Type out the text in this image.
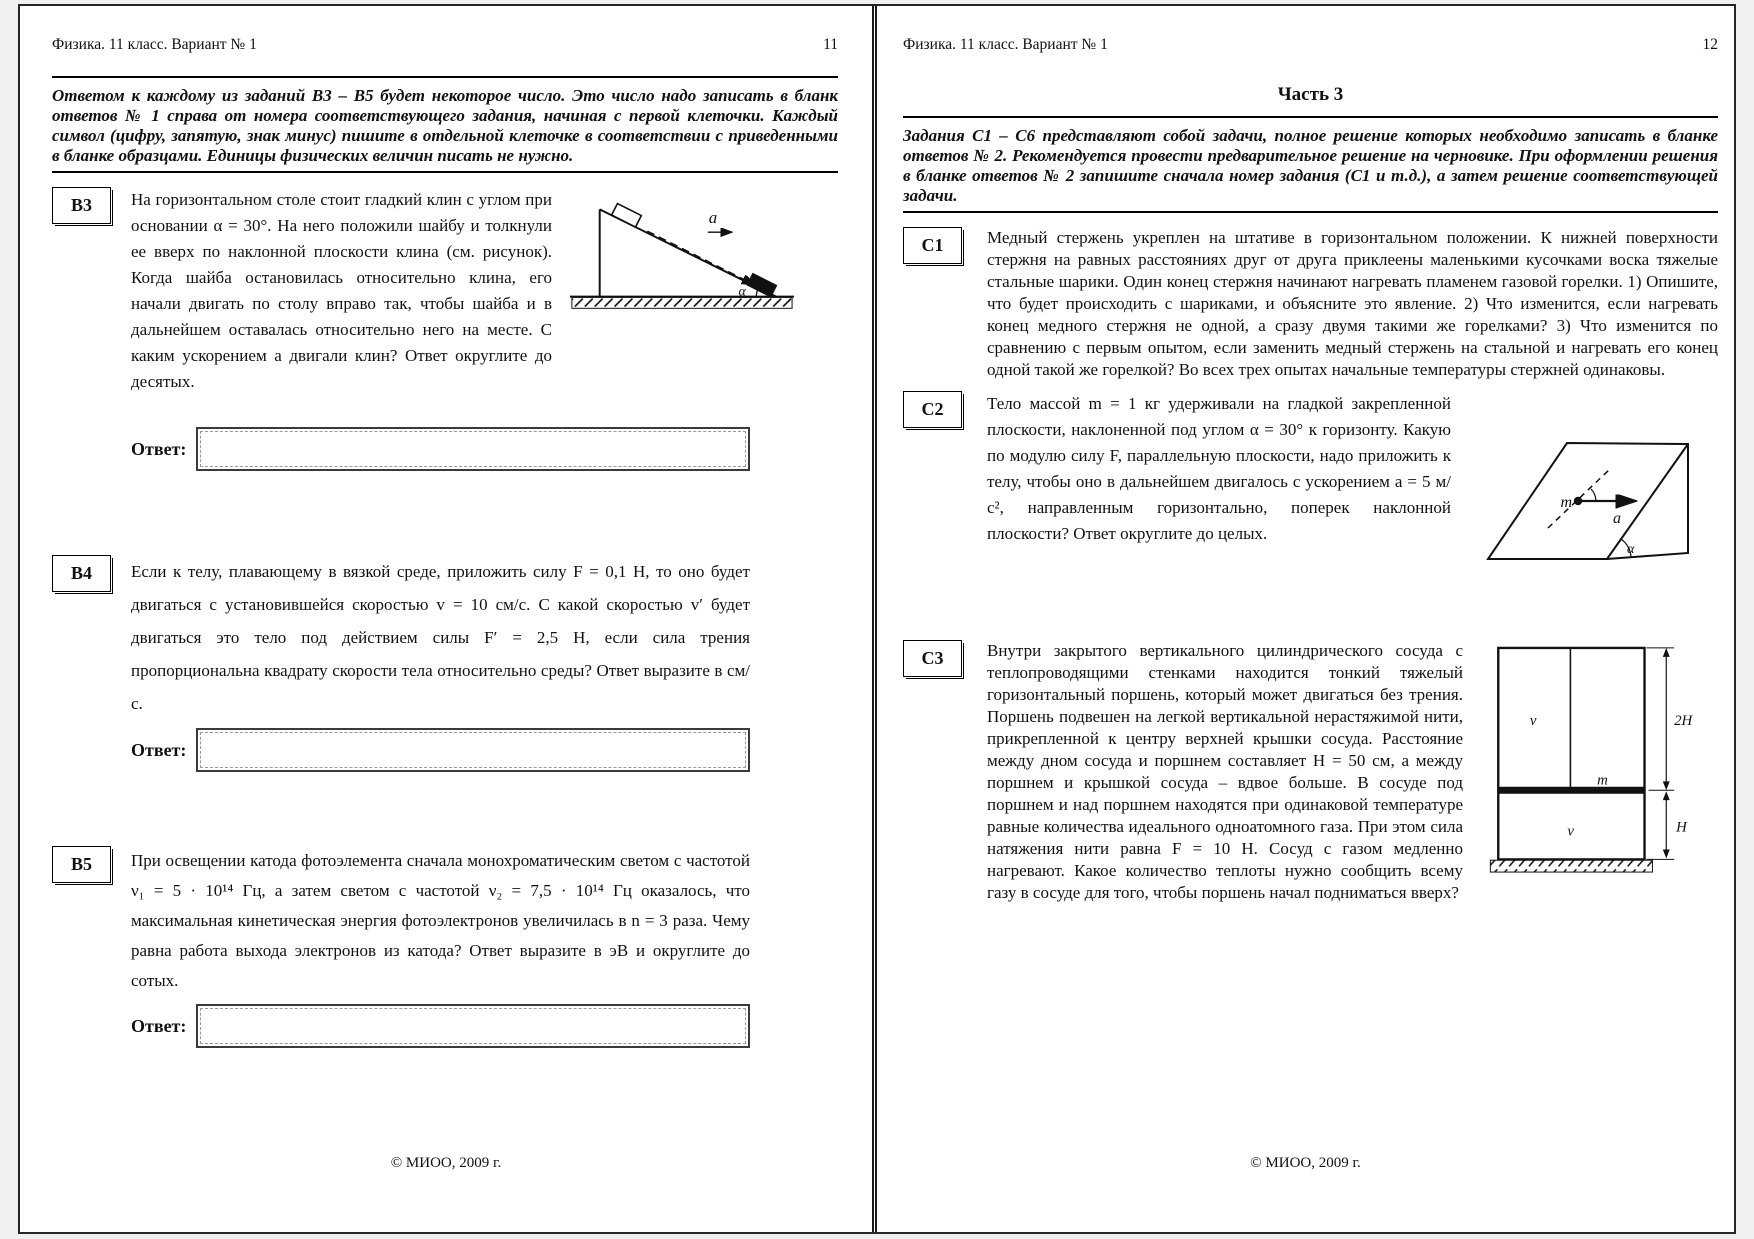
Физика. 11 класс. Вариант № 1	11

Ответом к каждому из заданий В3 – В5 будет некоторое число. Это число надо записать в бланк ответов № 1 справа от номера соответствующего задания, начиная с первой клеточки. Каждый символ (цифру, запятую, знак минус) пишите в отдельной клеточке в соответствии с приведенными в бланке образцами. Единицы физических величин писать не нужно.

В3
a⃗
α
На горизонтальном столе стоит гладкий клин с углом при основании α = 30°. На него положили шайбу и толкнули ее вверх по наклонной плоскости клина (см. рисунок). Когда шайба остановилась относительно клина, его начали двигать по столу вправо так, чтобы шайба и в дальнейшем оставалась относительно него на месте. С каким ускорением a двигали клин? Ответ округлите до десятых.
Ответ:
В4 Если к телу, плавающему в вязкой среде, приложить силу F = 0,1 Н, то оно будет двигаться с установившейся скоростью v = 10 см/с. С какой скоростью v′ будет двигаться это тело под действием силы F′ = 2,5 Н, если сила трения пропорциональна квадрату скорости тела относительно среды? Ответ выразите в см/с.
Ответ:
В5 При освещении катода фотоэлемента сначала монохроматическим светом с частотой ν₁ = 5 · 10¹⁴ Гц, а затем светом с частотой ν₂ = 7,5 · 10¹⁴ Гц оказалось, что максимальная кинетическая энергия фотоэлектронов увеличилась в n = 3 раза. Чему равна работа выхода электронов из катода? Ответ выразите в эВ и округлите до сотых.
Ответ:
© МИОО, 2009 г.
Физика. 11 класс. Вариант № 1	12
Часть 3

Задания С1 – С6 представляют собой задачи, полное решение которых необходимо записать в бланке ответов № 2. Рекомендуется провести предварительное решение на черновике. При оформлении решения в бланке ответов № 2 запишите сначала номер задания (С1 и т.д.), а затем решение соответствующей задачи.

С1	Медный стержень укреплен на штативе в горизонтальном положении. К нижней поверхности стержня на равных расстояниях друг от друга приклеены маленькими кусочками воска тяжелые стальные шарики. Один конец стержня начинают нагревать пламенем газовой горелки. 1) Опишите, что будет происходить с шариками, и объясните это явление. 2) Что изменится, если нагревать конец медного стержня не одной, а сразу двумя такими же горелками? 3) Что изменится по сравнению с первым опытом, если заменить медный стержень на стальной и нагревать его конец одной такой же горелкой? Во всех трех опытах начальные температуры стержней одинаковы.
С2
α
m
a⃗
Тело массой m = 1 кг удерживали на гладкой закрепленной плоскости, наклоненной под углом α = 30° к горизонту. Какую по модулю силу F, параллельную плоскости, надо приложить к телу, чтобы оно в дальнейшем двигалось с ускорением a = 5 м/с², направленным горизонтально, поперек наклонной плоскости? Ответ округлите до целых.
С3
m
ν
ν
2H
H
Внутри закрытого вертикального цилиндрического сосуда с теплопроводящими стенками находится тонкий тяжелый горизонтальный поршень, который может двигаться без трения. Поршень подвешен на легкой вертикальной нерастяжимой нити, прикрепленной к центру верхней крышки сосуда. Расстояние между дном сосуда и поршнем составляет H = 50 см, а между поршнем и крышкой сосуда – вдвое больше. В сосуде под поршнем и над поршнем находятся при одинаковой температуре равные количества идеального одноатомного газа. При этом сила натяжения нити равна F = 10 Н. Сосуд с газом медленно нагревают. Какое количество теплоты нужно сообщить всему газу в сосуде для того, чтобы поршень начал подниматься вверх?
© МИОО, 2009 г.
